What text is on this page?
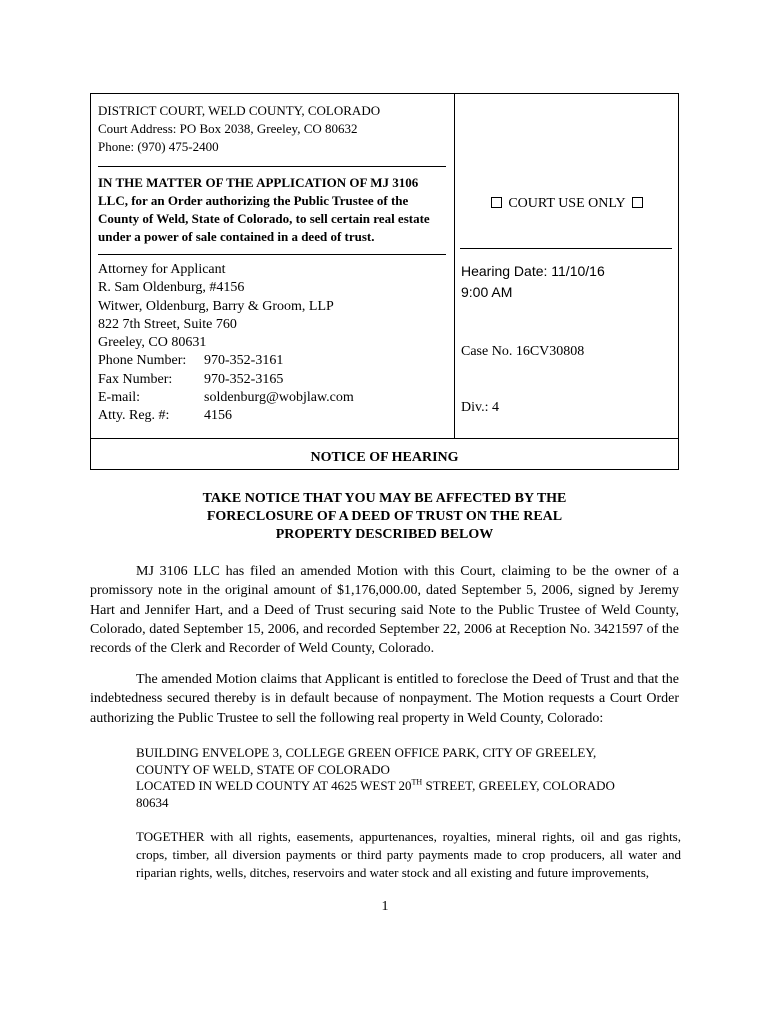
DISTRICT COURT, WELD COUNTY, COLORADO
Court Address: PO Box 2038, Greeley, CO 80632
Phone: (970) 475-2400
IN THE MATTER OF THE APPLICATION OF MJ 3106 LLC, for an Order authorizing the Public Trustee of the County of Weld, State of Colorado, to sell certain real estate under a power of sale contained in a deed of trust.
Attorney for Applicant
R. Sam Oldenburg, #4156
Witwer, Oldenburg, Barry & Groom, LLP
822 7th Street, Suite 760
Greeley, CO 80631
Phone Number:	970-352-3161
Fax Number:	970-352-3165
E-mail:	soldenburg@wobjlaw.com
Atty. Reg. #:	4156
COURT USE ONLY
Hearing Date: 11/10/16
9:00 AM
Case No. 16CV30808
Div.: 4
NOTICE OF HEARING
TAKE NOTICE THAT YOU MAY BE AFFECTED BY THE
FORECLOSURE OF A DEED OF TRUST ON THE REAL
PROPERTY DESCRIBED BELOW
MJ 3106 LLC has filed an amended Motion with this Court, claiming to be the owner of a promissory note in the original amount of $1,176,000.00, dated September 5, 2006, signed by Jeremy Hart and Jennifer Hart, and a Deed of Trust securing said Note to the Public Trustee of Weld County, Colorado, dated September 15, 2006, and recorded September 22, 2006 at Reception No. 3421597 of the records of the Clerk and Recorder of Weld County, Colorado.
The amended Motion claims that Applicant is entitled to foreclose the Deed of Trust and that the indebtedness secured thereby is in default because of nonpayment. The Motion requests a Court Order authorizing the Public Trustee to sell the following real property in Weld County, Colorado:
BUILDING ENVELOPE 3, COLLEGE GREEN OFFICE PARK, CITY OF GREELEY,
COUNTY OF WELD, STATE OF COLORADO
LOCATED IN WELD COUNTY AT 4625 WEST 20TH STREET, GREELEY, COLORADO
80634
TOGETHER with all rights, easements, appurtenances, royalties, mineral rights, oil and gas rights, crops, timber, all diversion payments or third party payments made to crop producers, all water and riparian rights, wells, ditches, reservoirs and water stock and all existing and future improvements,
1
